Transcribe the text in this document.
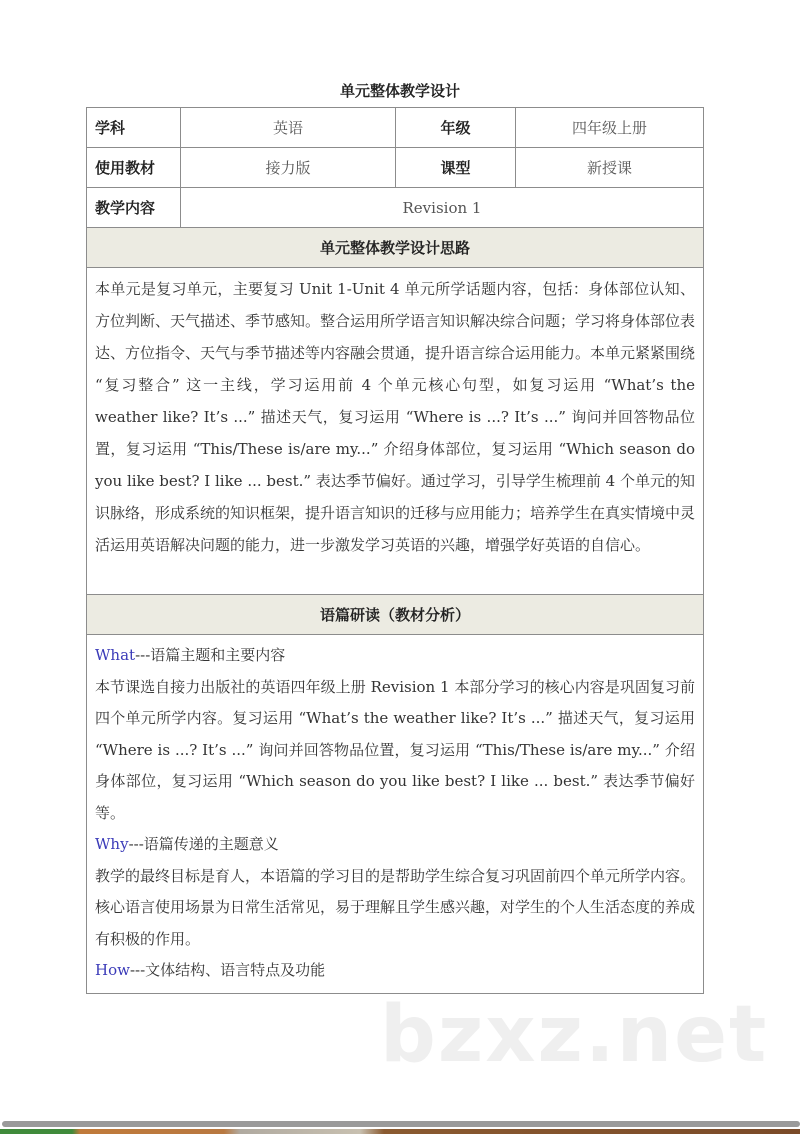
单元整体教学设计
学科	英语	年级	四年级上册
使用教材	接力版	课型	新授课
教学内容	Revision 1		
单元整体教学设计思路			

本单元是复习单元，主要复习 Unit 1-Unit 4 单元所学话题内容，包括：身体部位认知、方位判断、天气描述、季节感知。整合运用所学语言知识解决综合问题；学习将身体部位表达、方位指令、天气与季节描述等内容融会贯通，提升语言综合运用能力。本单元紧紧围绕 “复习整合” 这一主线，学习运用前 4 个单元核心句型，如复习运用 “What’s the weather like? It’s ...” 描述天气，复习运用 “Where is ...? It’s ...” 询问并回答物品位置，复习运用 “This/These is/are my...” 介绍身体部位，复习运用 “Which season do you like best? I like ... best.” 表达季节偏好。通过学习，引导学生梳理前 4 个单元的知识脉络，形成系统的知识框架，提升语言知识的迁移与应用能力；培养学生在真实情境中灵活运用英语解决问题的能力，进一步激发学习英语的兴趣，增强学好英语的自信心。			

语篇研读（教材分析）			

What---语篇主题和主要内容

本节课选自接力出版社的英语四年级上册 Revision 1 本部分学习的核心内容是巩固复习前四个单元所学内容。复习运用 “What’s the weather like? It’s ...” 描述天气，复习运用 “Where is ...? It’s ...” 询问并回答物品位置，复习运用 “This/These is/are my...” 介绍身体部位，复习运用 “Which season do you like best? I like ... best.” 表达季节偏好等。

Why---语篇传递的主题意义

教学的最终目标是育人，本语篇的学习目的是帮助学生综合复习巩固前四个单元所学内容。核心语言使用场景为日常生活常见，易于理解且学生感兴趣，对学生的个人生活态度的养成有积极的作用。

How---文体结构、语言特点及功能			

bzxz.net
